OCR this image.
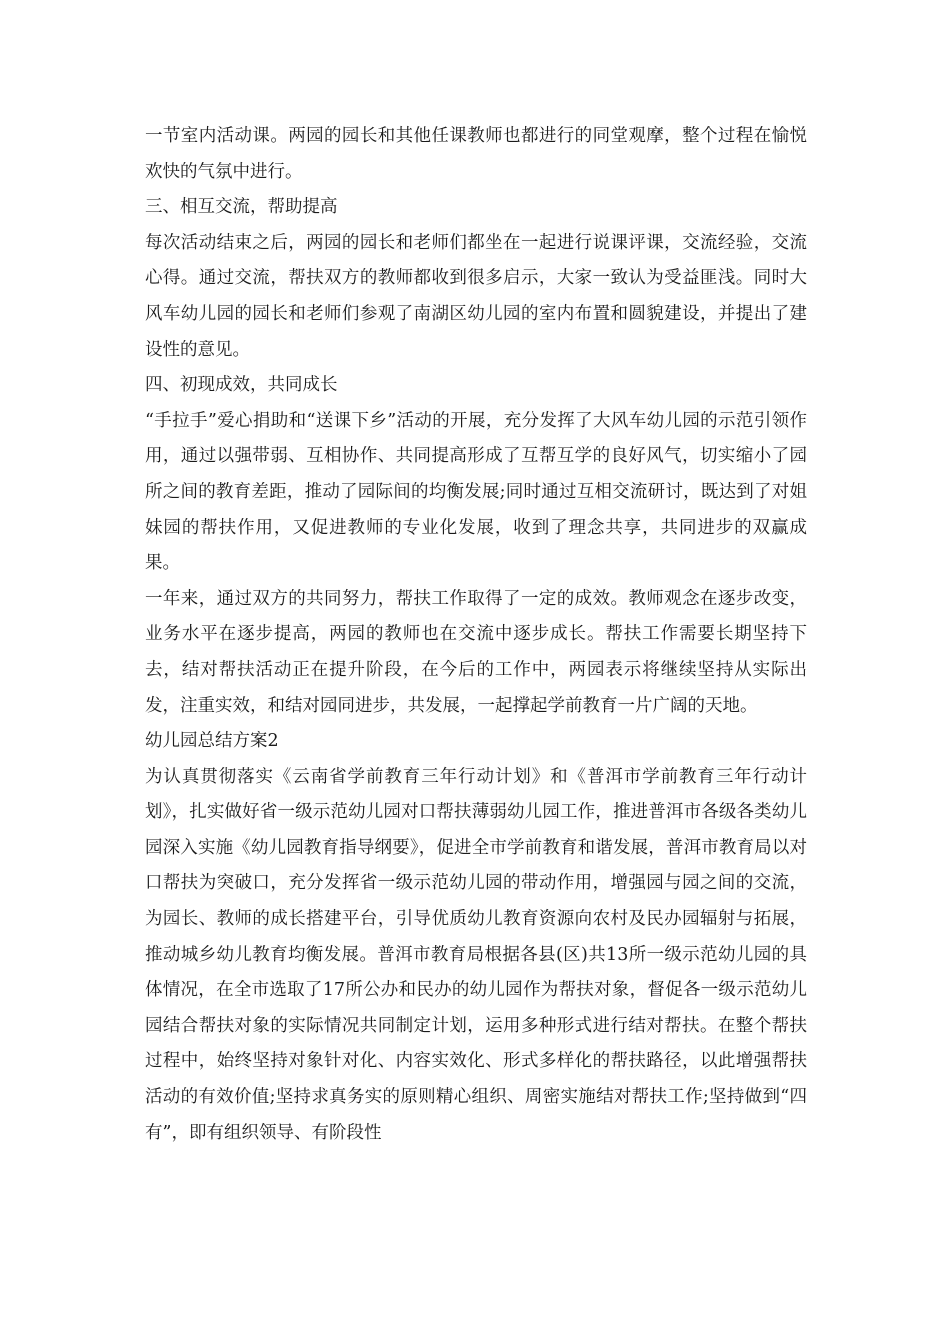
一节室内活动课。两园的园长和其他任课教师也都进行的同堂观摩，整个过程在愉悦欢快的气氛中进行。

三、相互交流，帮助提高

每次活动结束之后，两园的园长和老师们都坐在一起进行说课评课，交流经验，交流心得。通过交流，帮扶双方的教师都收到很多启示，大家一致认为受益匪浅。同时大风车幼儿园的园长和老师们参观了南湖区幼儿园的室内布置和圆貌建设，并提出了建设性的意见。

四、初现成效，共同成长

“手拉手”爱心捐助和“送课下乡”活动的开展，充分发挥了大风车幼儿园的示范引领作用，通过以强带弱、互相协作、共同提高形成了互帮互学的良好风气，切实缩小了园所之间的教育差距，推动了园际间的均衡发展;同时通过互相交流研讨，既达到了对姐妹园的帮扶作用，又促进教师的专业化发展，收到了理念共享，共同进步的双赢成果。

一年来，通过双方的共同努力，帮扶工作取得了一定的成效。教师观念在逐步改变，业务水平在逐步提高，两园的教师也在交流中逐步成长。帮扶工作需要长期坚持下去，结对帮扶活动正在提升阶段，在今后的工作中，两园表示将继续坚持从实际出发，注重实效，和结对园同进步，共发展，一起撑起学前教育一片广阔的天地。

幼儿园总结方案2

为认真贯彻落实《云南省学前教育三年行动计划》和《普洱市学前教育三年行动计划》，扎实做好省一级示范幼儿园对口帮扶薄弱幼儿园工作，推进普洱市各级各类幼儿园深入实施《幼儿园教育指导纲要》，促进全市学前教育和谐发展，普洱市教育局以对口帮扶为突破口，充分发挥省一级示范幼儿园的带动作用，增强园与园之间的交流，为园长、教师的成长搭建平台，引导优质幼儿教育资源向农村及民办园辐射与拓展，推动城乡幼儿教育均衡发展。普洱市教育局根据各县(区)共13所一级示范幼儿园的具体情况，在全市选取了17所公办和民办的幼儿园作为帮扶对象，督促各一级示范幼儿园结合帮扶对象的实际情况共同制定计划，运用多种形式进行结对帮扶。在整个帮扶过程中，始终坚持对象针对化、内容实效化、形式多样化的帮扶路径，以此增强帮扶活动的有效价值;坚持求真务实的原则精心组织、周密实施结对帮扶工作;坚持做到“四有”，即有组织领导、有阶段性
